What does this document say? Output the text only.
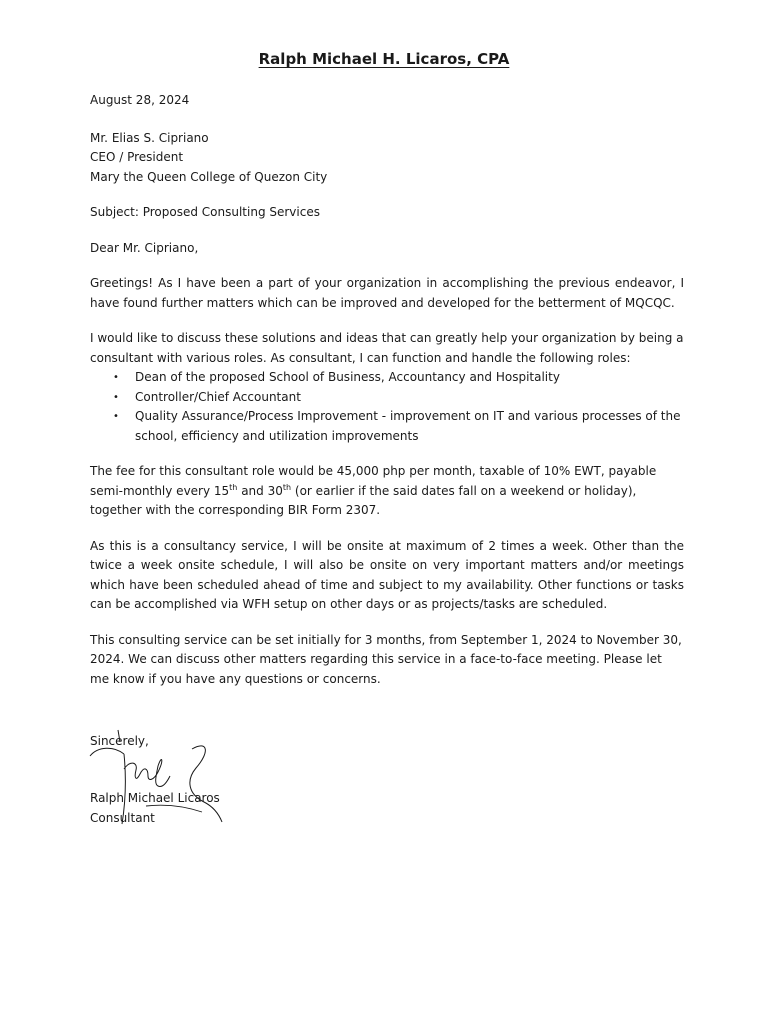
Ralph Michael H. Licaros, CPA

August 28, 2024

Mr. Elias S. Cipriano

CEO / President

Mary the Queen College of Quezon City

Subject: Proposed Consulting Services

Dear Mr. Cipriano,

Greetings! As I have been a part of your organization in accomplishing the previous endeavor, I have found further matters which can be improved and developed for the betterment of MQCQC.

I would like to discuss these solutions and ideas that can greatly help your organization by being a consultant with various roles. As consultant, I can function and handle the following roles:

• Dean of the proposed School of Business, Accountancy and Hospitality
• Controller/Chief Accountant
• Quality Assurance/Process Improvement - improvement on IT and various processes of the school, efficiency and utilization improvements

The fee for this consultant role would be 45,000 php per month, taxable of 10% EWT, payable semi-monthly every 15th and 30th (or earlier if the said dates fall on a weekend or holiday), together with the corresponding BIR Form 2307.

As this is a consultancy service, I will be onsite at maximum of 2 times a week. Other than the twice a week onsite schedule, I will also be onsite on very important matters and/or meetings which have been scheduled ahead of time and subject to my availability. Other functions or tasks can be accomplished via WFH setup on other days or as projects/tasks are scheduled.

This consulting service can be set initially for 3 months, from September 1, 2024 to November 30, 2024. We can discuss other matters regarding this service in a face-to-face meeting. Please let me know if you have any questions or concerns.

Sincerely,
Ralph Michael Licaros
Consultant
